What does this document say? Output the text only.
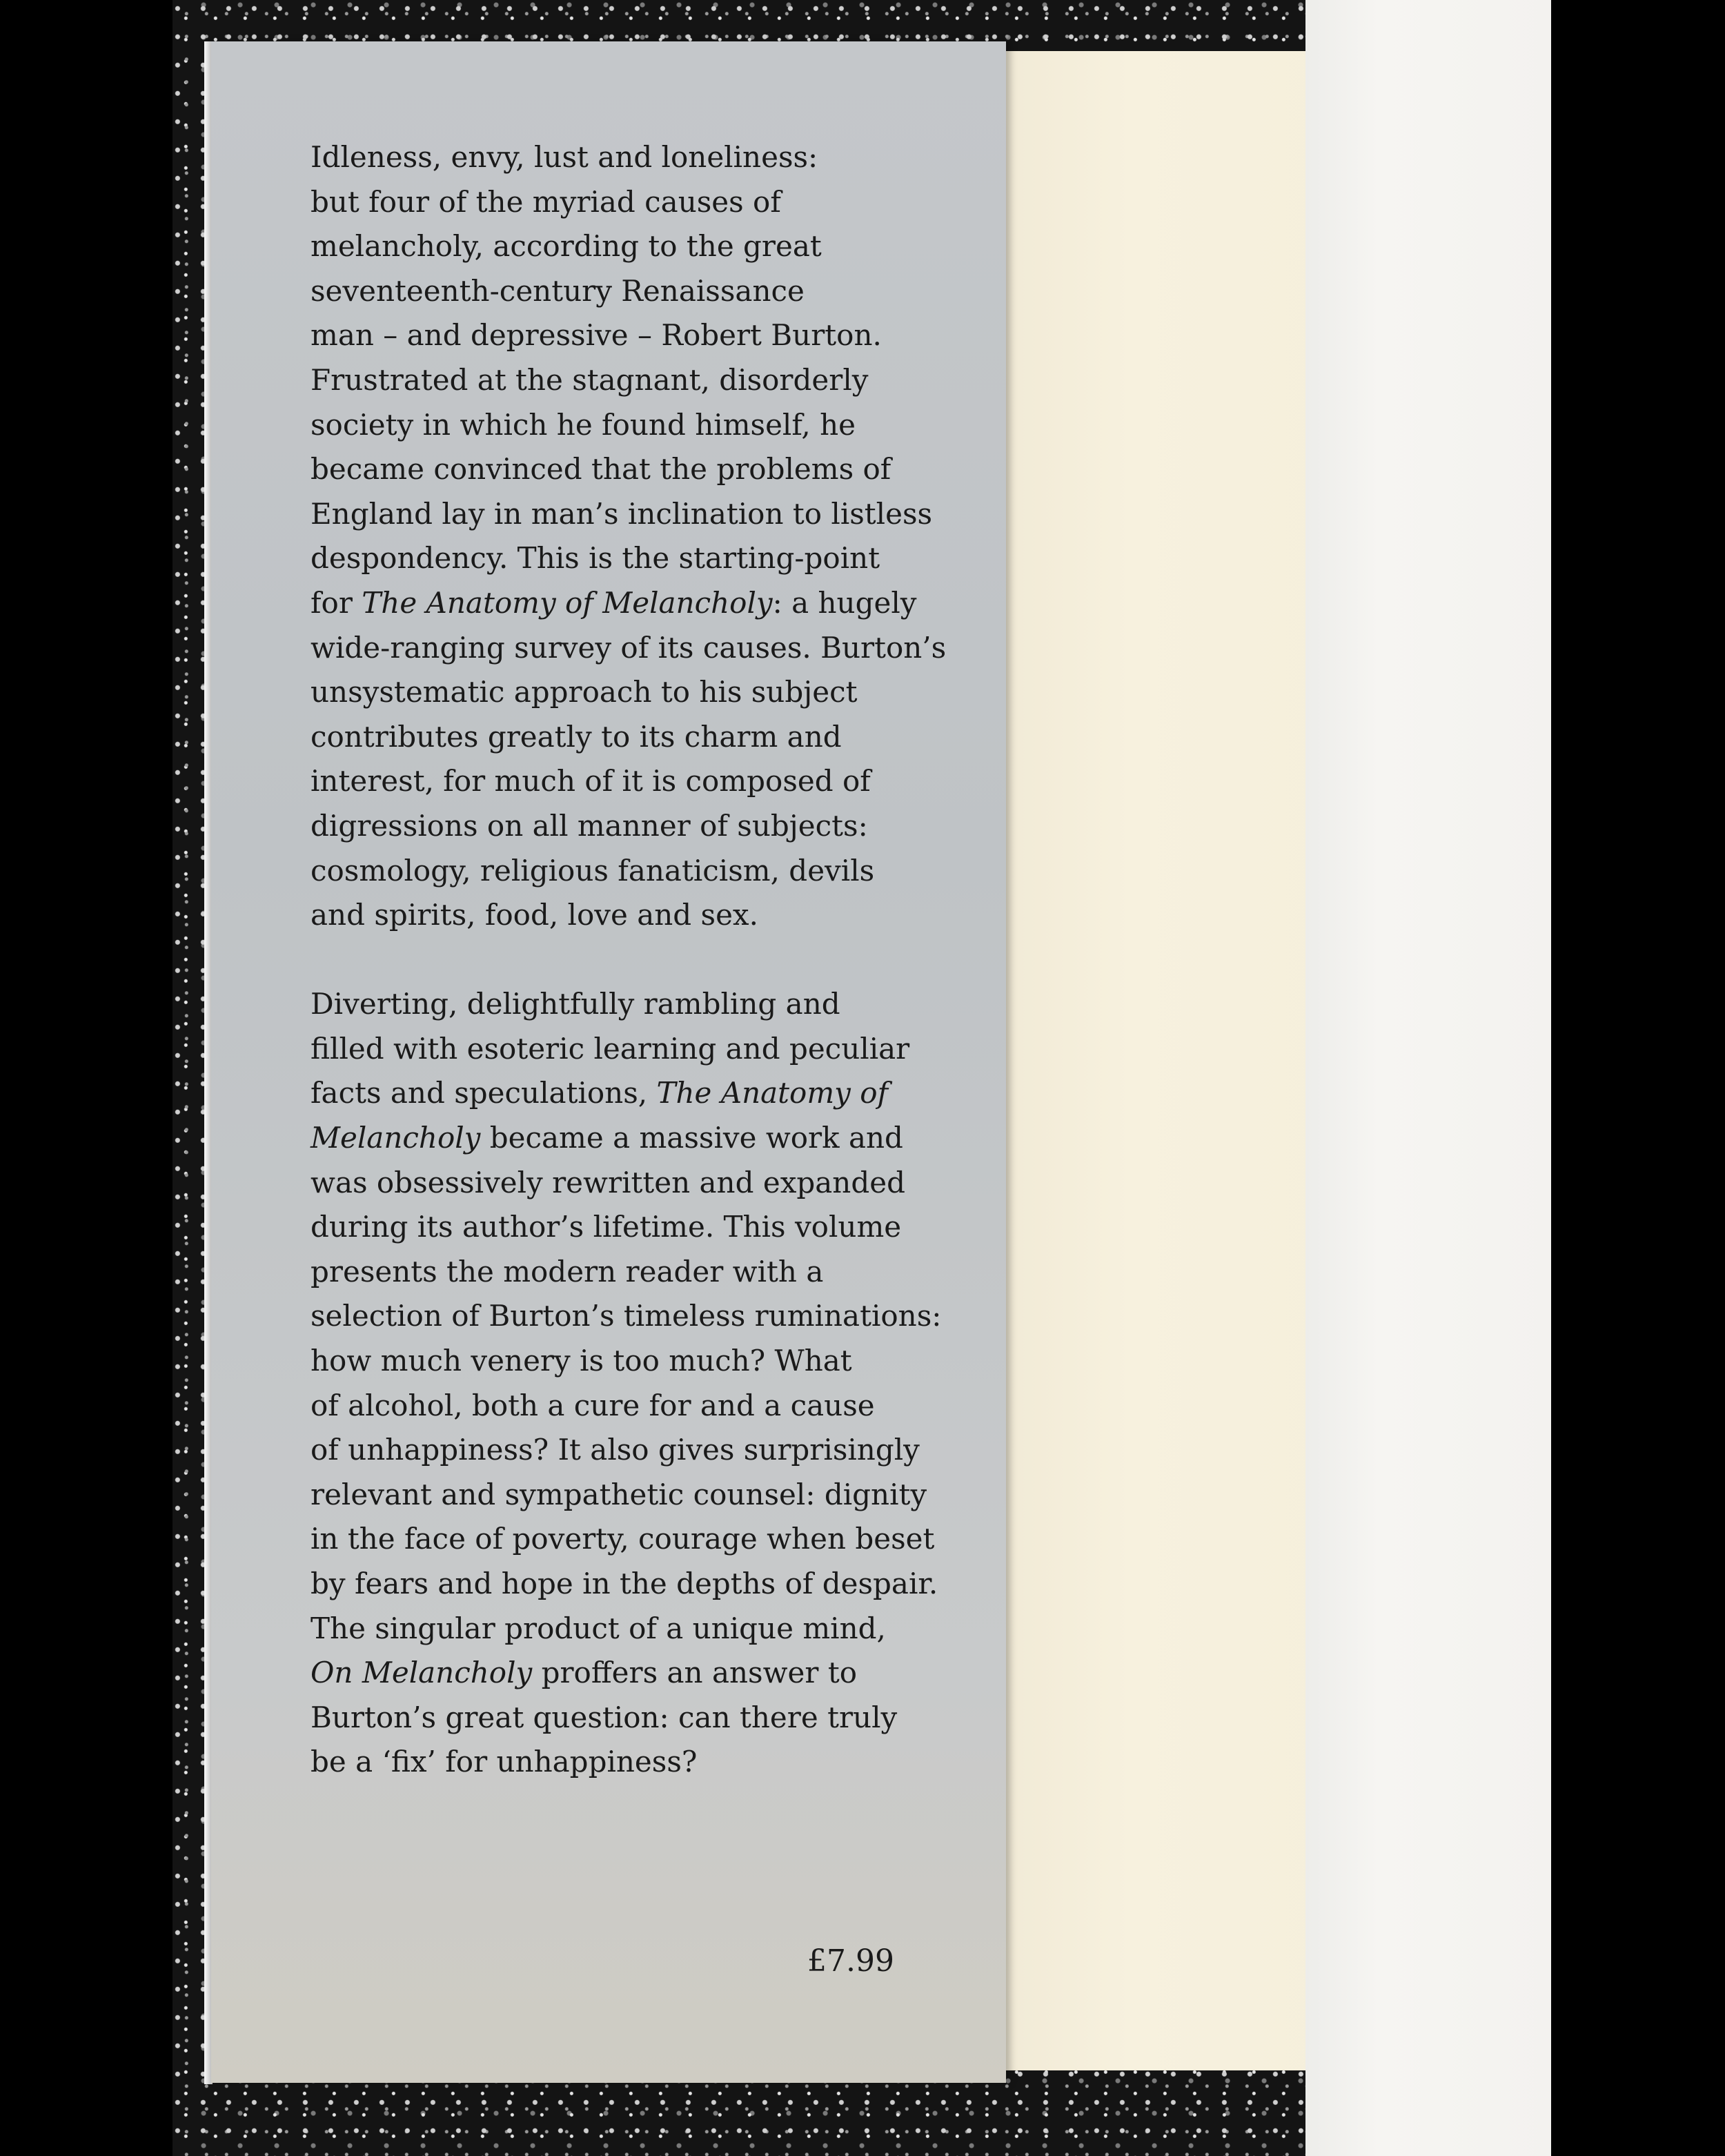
Idleness, envy, lust and loneliness:
but four of the myriad causes of
melancholy, according to the great
seventeenth-century Renaissance
man – and depressive – Robert Burton.
Frustrated at the stagnant, disorderly
society in which he found himself, he
became convinced that the problems of
England lay in man’s inclination to listless
despondency. This is the starting-point
for The Anatomy of Melancholy: a hugely
wide-ranging survey of its causes. Burton’s
unsystematic approach to his subject
contributes greatly to its charm and
interest, for much of it is composed of
digressions on all manner of subjects:
cosmology, religious fanaticism, devils
and spirits, food, love and sex.
Diverting, delightfully rambling and
filled with esoteric learning and peculiar
facts and speculations, The Anatomy of
Melancholy became a massive work and
was obsessively rewritten and expanded
during its author’s lifetime. This volume
presents the modern reader with a
selection of Burton’s timeless ruminations:
how much venery is too much? What
of alcohol, both a cure for and a cause
of unhappiness? It also gives surprisingly
relevant and sympathetic counsel: dignity
in the face of poverty, courage when beset
by fears and hope in the depths of despair.
The singular product of a unique mind,
On Melancholy proffers an answer to
Burton’s great question: can there truly
be a ‘fix’ for unhappiness?
£7.99
